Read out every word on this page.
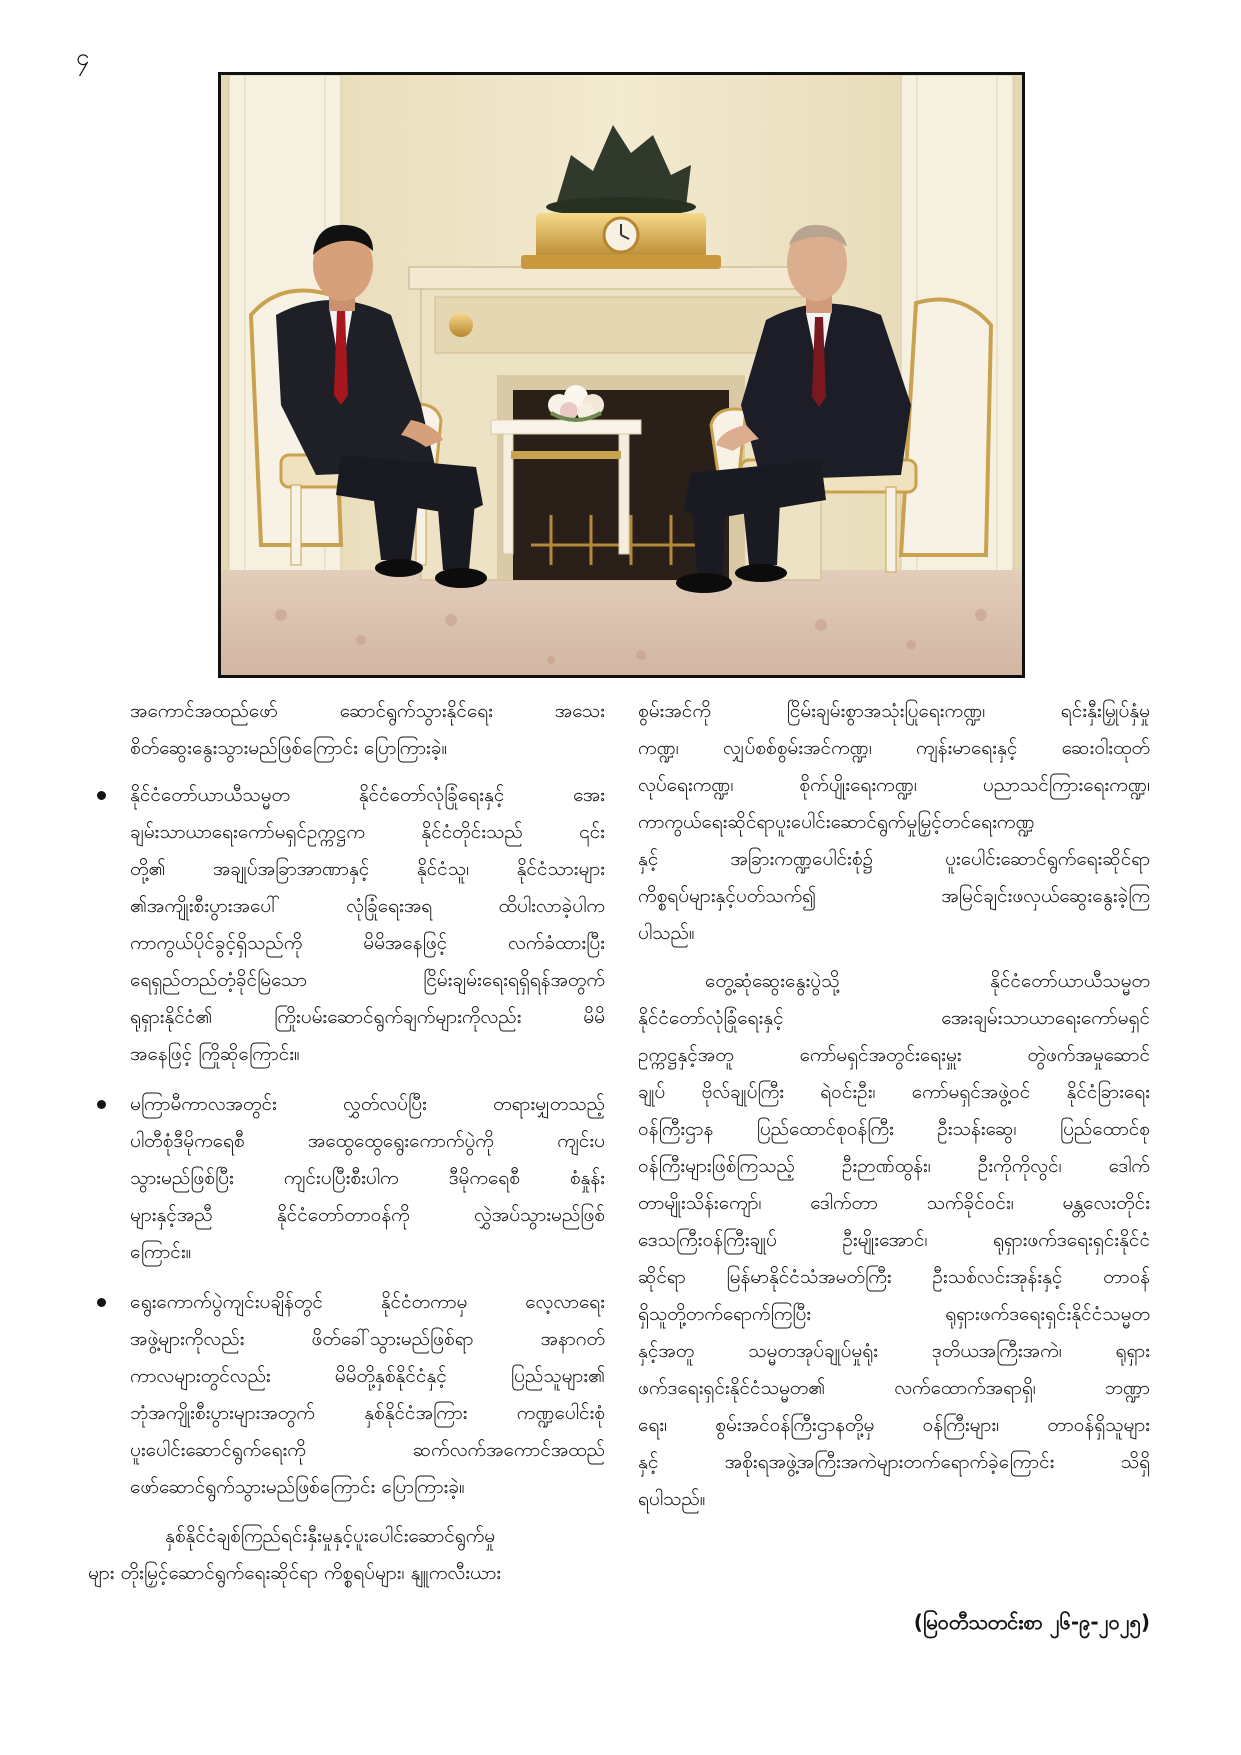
၄
အကောင်အထည်ဖော် ဆောင်ရွက်သွားနိုင်ရေး အသေး
စိတ်ဆွေးနွေးသွားမည်ဖြစ်ကြောင်း ပြောကြားခဲ့။
နိုင်ငံတော်ယာယီသမ္မတ နိုင်ငံတော်လုံခြုံရေးနှင့် အေး
ချမ်းသာယာရေးကော်မရှင်ဥက္ကဋ္ဌက နိုင်ငံတိုင်းသည် ၎င်း
တို့၏ အချုပ်အခြာအာဏာနှင့် နိုင်ငံသူ၊ နိုင်ငံသားများ
၏အကျိုးစီးပွားအပေါ် လုံခြုံရေးအရ ထိပါးလာခဲ့ပါက
ကာကွယ်ပိုင်ခွင့်ရှိသည်ကို မိမိအနေဖြင့် လက်ခံထားပြီး
ရေရှည်တည်တံ့ခိုင်မြဲသော ငြိမ်းချမ်းရေးရရှိရန်အတွက်
ရုရှားနိုင်ငံ၏ ကြိုးပမ်းဆောင်ရွက်ချက်များကိုလည်း မိမိ
အနေဖြင့် ကြိုဆိုကြောင်း။
မကြာမီကာလအတွင်း လွှတ်လပ်ပြီး တရားမျှတသည့်
ပါတီစုံဒီမိုကရေစီ အထွေထွေရွေးကောက်ပွဲကို ကျင်းပ
သွားမည်ဖြစ်ပြီး ကျင်းပပြီးစီးပါက ဒီမိုကရေစီ စံနှုန်း
များနှင့်အညီ နိုင်ငံတော်တာဝန်ကို လွှဲအပ်သွားမည်ဖြစ်
ကြောင်း။
ရွေးကောက်ပွဲကျင်းပချိန်တွင် နိုင်ငံတကာမှ လေ့လာရေး
အဖွဲ့များကိုလည်း ဖိတ်ခေါ်သွားမည်ဖြစ်ရာ အနာဂတ်
ကာလများတွင်လည်း မိမိတို့နှစ်နိုင်ငံနှင့် ပြည်သူများ၏
ဘုံအကျိုးစီးပွားများအတွက် နှစ်နိုင်ငံအကြား ကဏ္ဍပေါင်းစုံ
ပူးပေါင်းဆောင်ရွက်ရေးကို ဆက်လက်အကောင်အထည်
ဖော်ဆောင်ရွက်သွားမည်ဖြစ်ကြောင်း ပြောကြားခဲ့။
နှစ်နိုင်ငံချစ်ကြည်ရင်းနှီးမှုနှင့်ပူးပေါင်းဆောင်ရွက်မှု
များ တိုးမြှင့်ဆောင်ရွက်ရေးဆိုင်ရာ ကိစ္စရပ်များ၊ နျူကလီးယား
စွမ်းအင်ကို ငြိမ်းချမ်းစွာအသုံးပြုရေးကဏ္ဍ၊ ရင်းနှီးမြှုပ်နှံမှု
ကဏ္ဍ၊ လျှပ်စစ်စွမ်းအင်ကဏ္ဍ၊ ကျန်းမာရေးနှင့် ဆေးဝါးထုတ်
လုပ်ရေးကဏ္ဍ၊ စိုက်ပျိုးရေးကဏ္ဍ၊ ပညာသင်ကြားရေးကဏ္ဍ၊
ကာကွယ်ရေးဆိုင်ရာပူးပေါင်းဆောင်ရွက်မှုမြှင့်တင်ရေးကဏ္ဍ
နှင့် အခြားကဏ္ဍပေါင်းစုံ၌ ပူးပေါင်းဆောင်ရွက်ရေးဆိုင်ရာ
ကိစ္စရပ်များနှင့်ပတ်သက်၍ အမြင်ချင်းဖလှယ်ဆွေးနွေးခဲ့ကြ
ပါသည်။
တွေ့ဆုံဆွေးနွေးပွဲသို့ နိုင်ငံတော်ယာယီသမ္မတ
နိုင်ငံတော်လုံခြုံရေးနှင့် အေးချမ်းသာယာရေးကော်မရှင်
ဥက္ကဋ္ဌနှင့်အတူ ကော်မရှင်အတွင်းရေးမှူး တွဲဖက်အမှုဆောင်
ချုပ် ဗိုလ်ချုပ်ကြီး ရဲဝင်းဦး၊ ကော်မရှင်အဖွဲ့ဝင် နိုင်ငံခြားရေး
ဝန်ကြီးဌာန ပြည်ထောင်စုဝန်ကြီး ဦးသန်းဆွေ၊ ပြည်ထောင်စု
ဝန်ကြီးများဖြစ်ကြသည့် ဦးဉာဏ်ထွန်း၊ ဦးကိုကိုလွင်၊ ဒေါက်
တာမျိုးသိန်းကျော်၊ ဒေါက်တာ သက်ခိုင်ဝင်း၊ မန္တလေးတိုင်း
ဒေသကြီးဝန်ကြီးချုပ် ဦးမျိုးအောင်၊ ရုရှားဖက်ဒရေးရှင်းနိုင်ငံ
ဆိုင်ရာ မြန်မာနိုင်ငံသံအမတ်ကြီး ဦးသစ်လင်းအုန်းနှင့် တာဝန်
ရှိသူတို့တက်ရောက်ကြပြီး ရုရှားဖက်ဒရေးရှင်းနိုင်ငံသမ္မတ
နှင့်အတူ သမ္မတအုပ်ချုပ်မှုရုံး ဒုတိယအကြီးအကဲ၊ ရုရှား
ဖက်ဒရေးရှင်းနိုင်ငံသမ္မတ၏ လက်ထောက်အရာရှိ၊ ဘဏ္ဍာ
ရေး၊ စွမ်းအင်ဝန်ကြီးဌာနတို့မှ ဝန်ကြီးများ၊ တာဝန်ရှိသူများ
နှင့် အစိုးရအဖွဲ့အကြီးအကဲများတက်ရောက်ခဲ့ကြောင်း သိရှိ
ရပါသည်။
(မြဝတီသတင်းစာ ၂၆-၉-၂၀၂၅)
